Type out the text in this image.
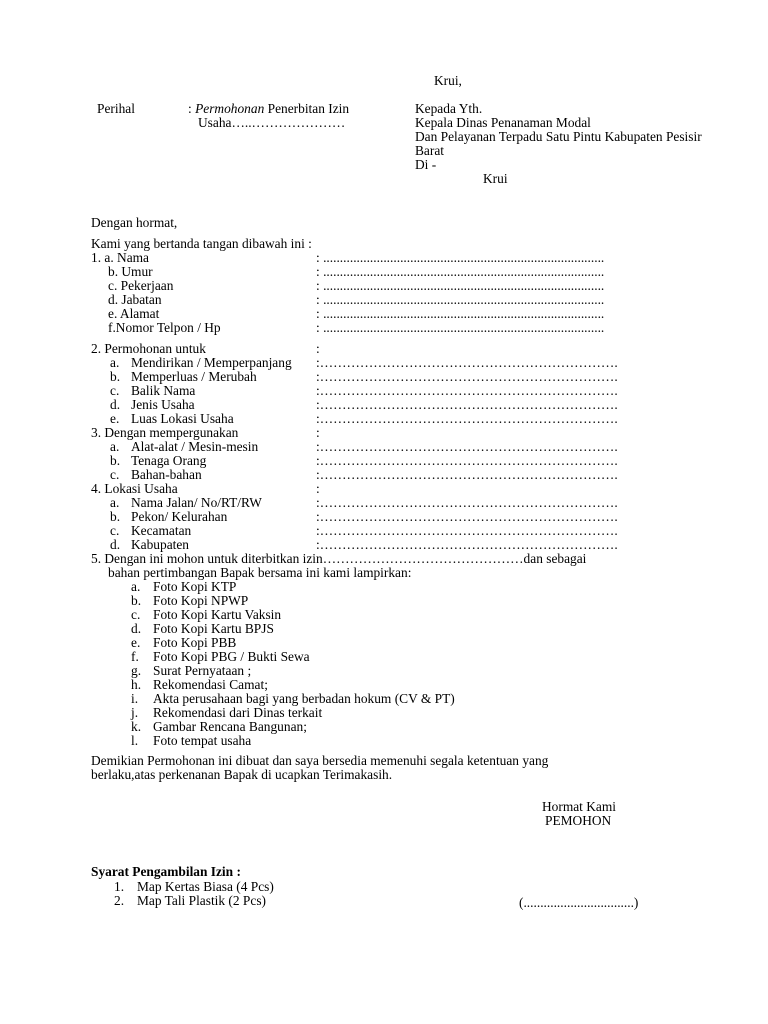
Krui,
Perihal	: Permohonan Penerbitan Izin
Usaha…..…………………
Kepada Yth.
Kepala Dinas Penanaman Modal
Dan Pelayanan Terpadu Satu Pintu Kabupaten Pesisir
Barat
Di -
Krui
Dengan hormat,
Kami yang bertanda tangan dibawah ini :
1. a. Nama	: ....................................................................................
b. Umur	: ....................................................................................
c. Pekerjaan	: ....................................................................................
d. Jabatan	: ....................................................................................
e. Alamat	: ....................................................................................
f.Nomor Telpon / Hp	: ....................................................................................
2. Permohonan untuk	:
a. Mendirikan / Memperpanjang :………………………………………………………….
b. Memperluas / Merubah	:………………………………………………………….
c. Balik Nama	:………………………………………………………….
d. Jenis Usaha	:………………………………………………………….
e. Luas Lokasi Usaha	:………………………………………………………….
3. Dengan mempergunakan	:
a. Alat-alat / Mesin-mesin	:………………………………………………………….
b. Tenaga Orang	:………………………………………………………….
c. Bahan-bahan	:………………………………………………………….
4. Lokasi Usaha	:
a. Nama Jalan/ No/RT/RW	:………………………………………………………….
b. Pekon/ Kelurahan	:………………………………………………………….
c. Kecamatan	:………………………………………………………….
d. Kabupaten	:………………………………………………………….
5. Dengan ini mohon untuk diterbitkan izin………………………………………dan sebagai
bahan pertimbangan Bapak bersama ini kami lampirkan:
a. Foto Kopi KTP
b. Foto Kopi NPWP
c. Foto Kopi Kartu Vaksin
d. Foto Kopi Kartu BPJS
e. Foto Kopi PBB
f. Foto Kopi PBG / Bukti Sewa
g. Surat Pernyataan ;
h. Rekomendasi Camat;
i. Akta perusahaan bagi yang berbadan hokum (CV & PT)
j. Rekomendasi dari Dinas terkait
k. Gambar Rencana Bangunan;
l. Foto tempat usaha
Demikian Permohonan ini dibuat dan saya bersedia memenuhi segala ketentuan yang
berlaku,atas perkenanan Bapak di ucapkan Terimakasih.
Hormat Kami
PEMOHON
(.................................)
Syarat Pengambilan Izin :
1. Map Kertas Biasa (4 Pcs)
2. Map Tali Plastik (2 Pcs)
